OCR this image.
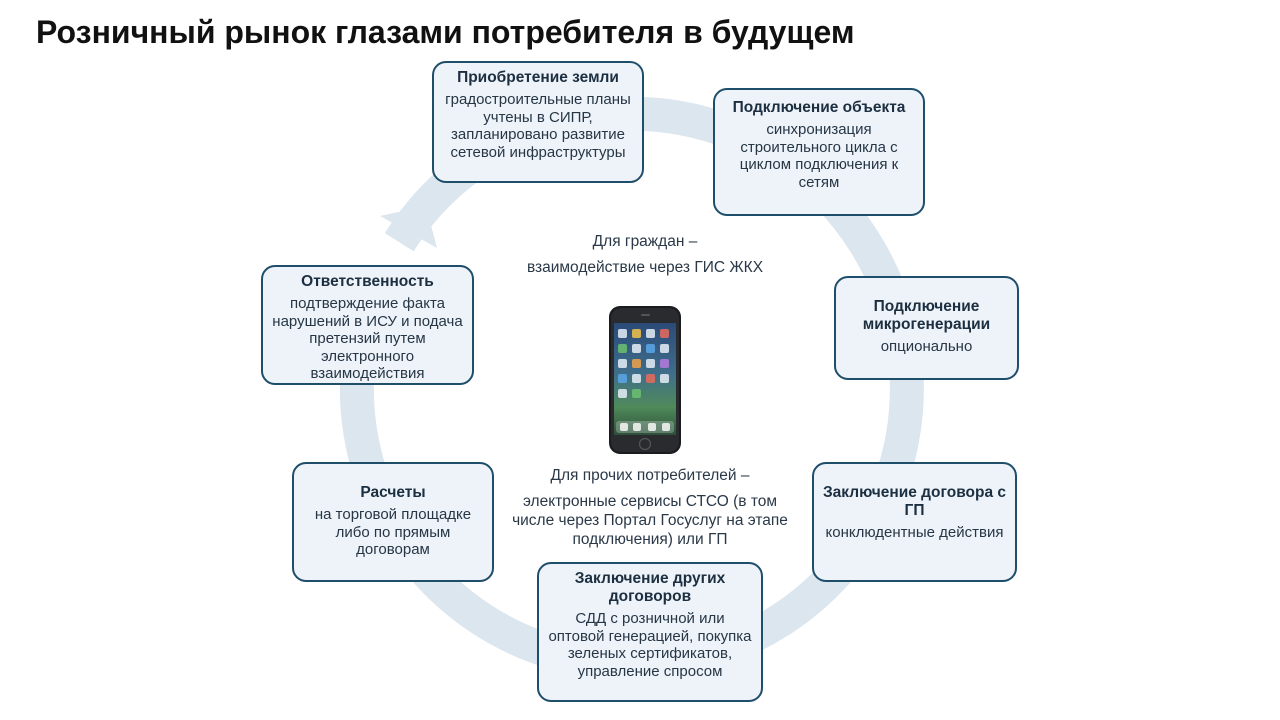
Розничный рынок глазами потребителя в будущем
Приобретение земли
градостроительные планы учтены в СИПР, запланировано развитие сетевой инфраструктуры
Подключение объекта
синхронизация строительного цикла с циклом подключения к сетям
Подключение микрогенерации
опционально
Заключение договора с ГП
конклюдентные действия
Заключение других договоров
СДД с розничной или оптовой генерацией, покупка зеленых сертификатов, управление спросом
Расчеты
на торговой площадке либо по прямым договорам
Ответственность
подтверждение факта нарушений в ИСУ и подача претензий путем электронного взаимодействия
Для граждан –
взаимодействие через ГИС ЖКХ
Для прочих потребителей –
электронные сервисы СТСО (в том числе через Портал Госуслуг на этапе подключения) или ГП
